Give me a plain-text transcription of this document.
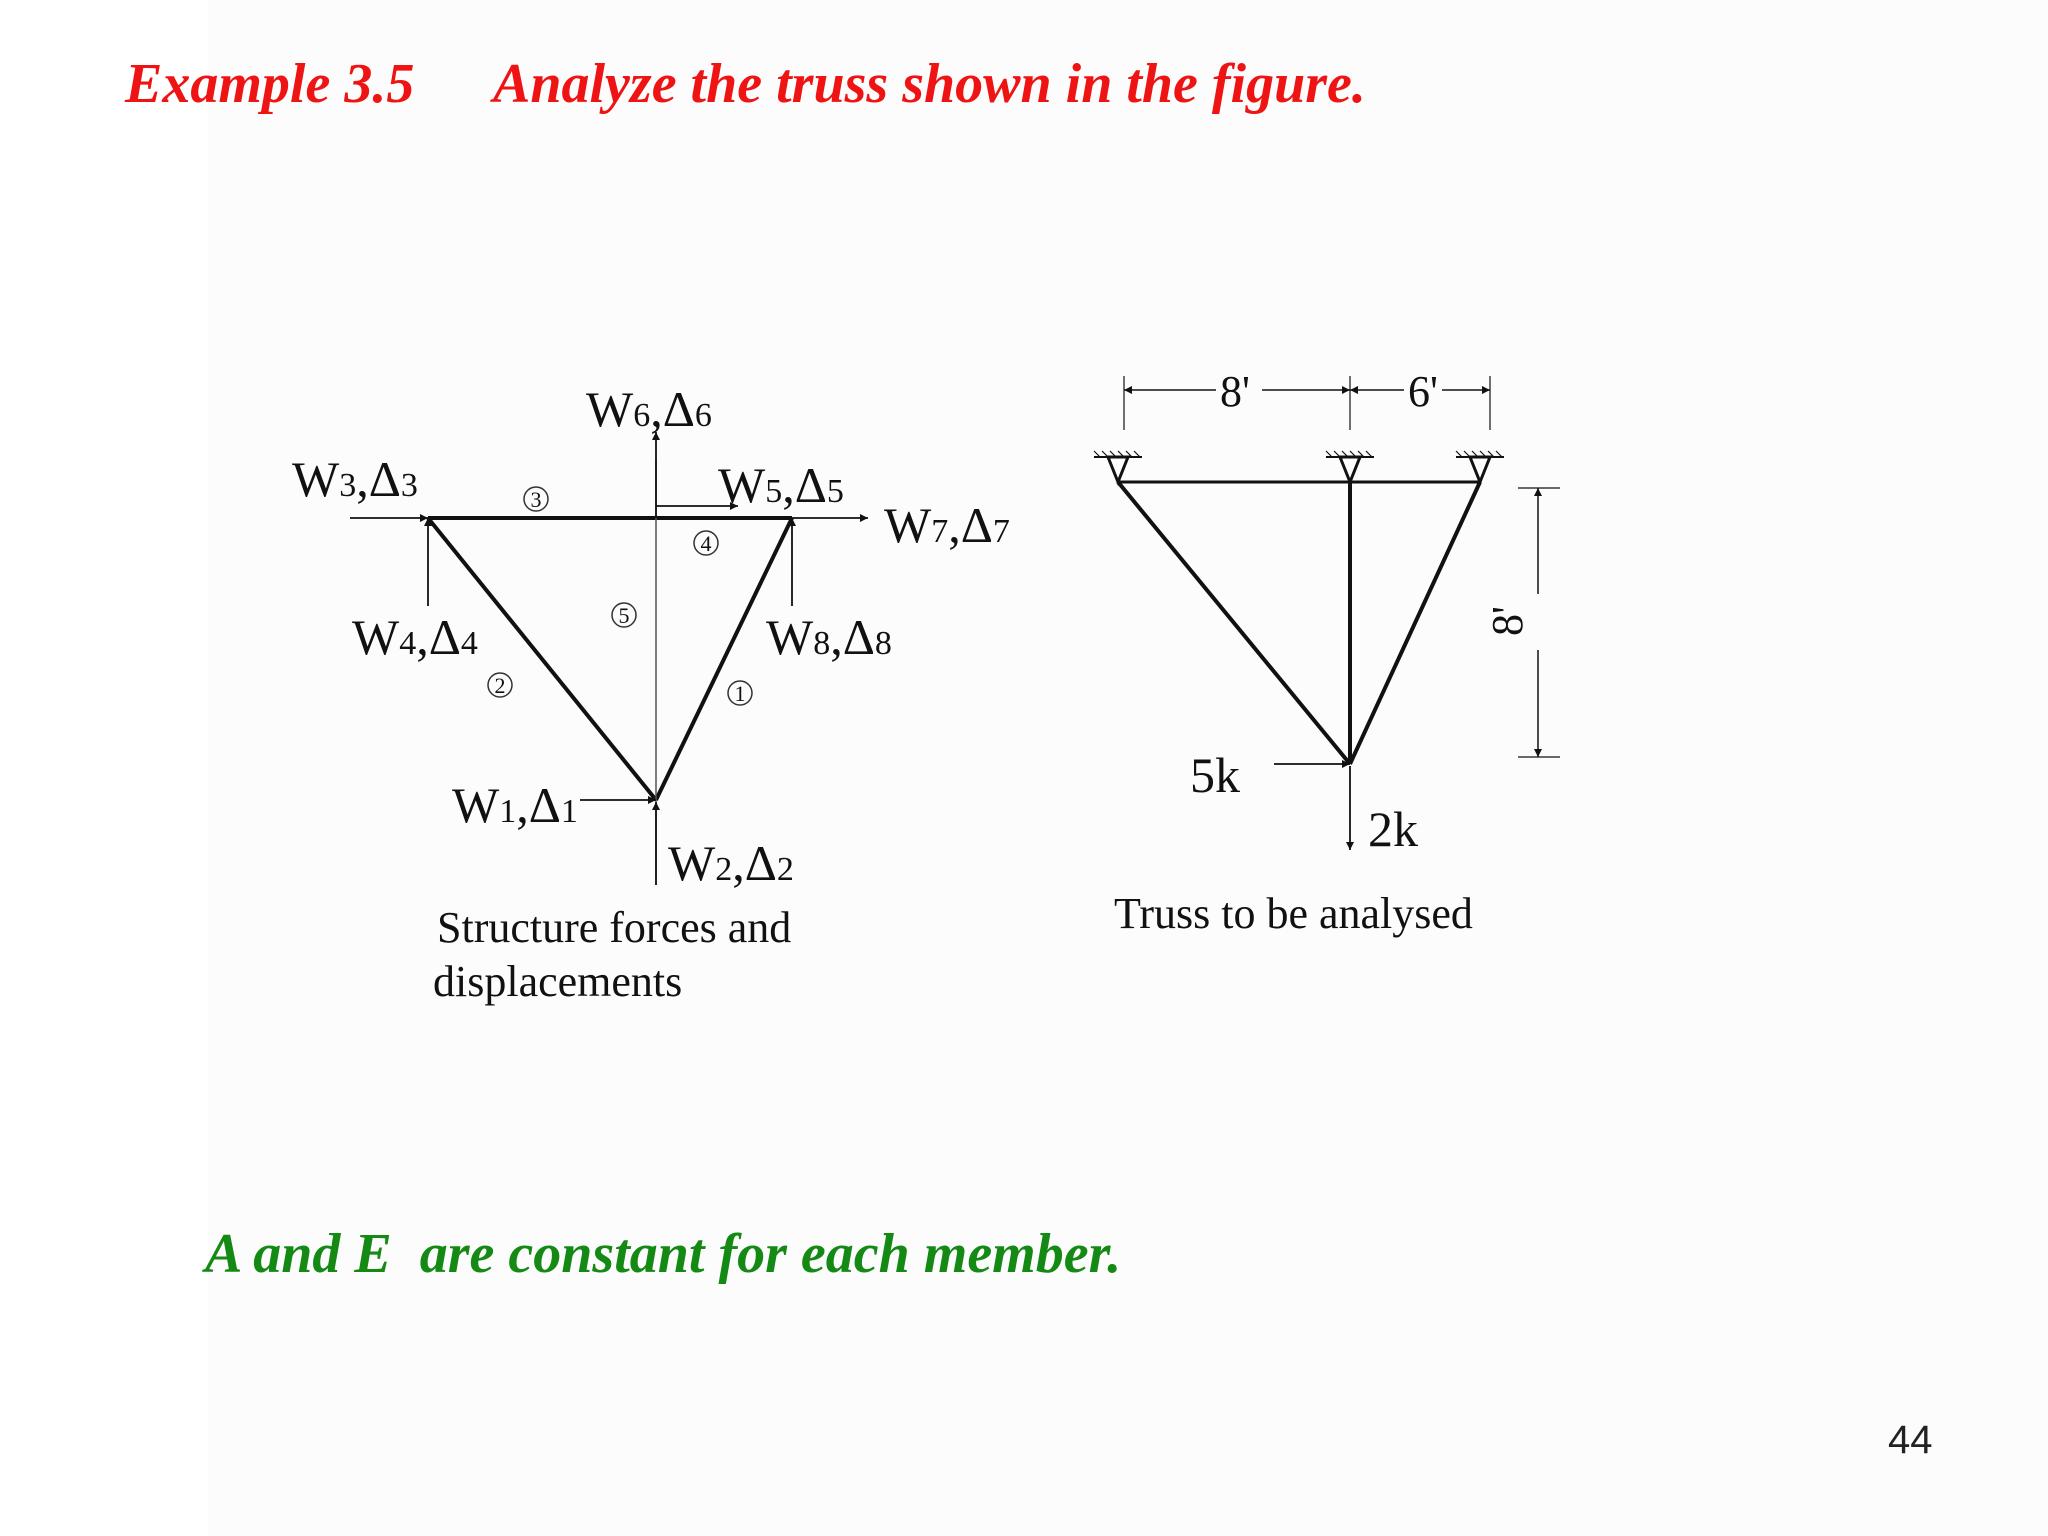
Example 3.5 Analyze the truss shown in the figure.

W6,Δ6
W3,Δ3	W5,Δ5
W7,Δ7
W4,Δ4	W8,Δ8
W1,Δ1
W2,Δ2
3
4
5
2	1
Structure forces and
displacements
8'	6'
8'
5k
2k
Truss to be analysed

A and E  are constant for each member.

44
